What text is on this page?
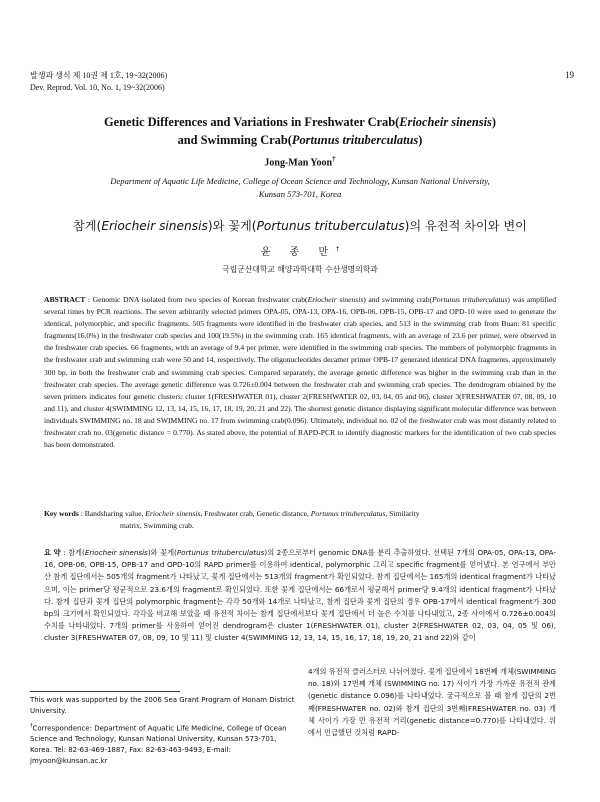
발생과 생식 제 10권 제 1호, 19~32(2006)
Dev. Reprod. Vol. 10, No. 1, 19~32(2006)
19
Genetic Differences and Variations in Freshwater Crab(Eriocheir sinensis)
and Swimming Crab(Portunus trituberculatus)
Jong-Man Yoon†
Department of Aquatic Life Medicine, College of Ocean Science and Technology, Kunsan National University,
Kunsan 573-701, Korea
참게(Eriocheir sinensis)와 꽃게(Portunus trituberculatus)의 유전적 차이와 변이
윤 종 만†
국립군산대학교 해양과학대학 수산생명의학과
ABSTRACT : Genomic DNA isolated from two species of Korean freshwater crab(Eriocheir sinensis) and swimming crab(Portunus trituberculatus) was amplified several times by PCR reactions. The seven arbitrarily selected primers OPA-05, OPA-13, OPA-16, OPB-06, OPB-15, OPB-17 and OPD-10 were used to generate the identical, polymorphic, and specific fragments. 505 fragments were identified in the freshwater crab species, and 513 in the swimming crab from Buan: 81 specific fragments(16.0%) in the freshwater crab species and 100(19.5%) in the swimming crab. 165 identical fragments, with an average of 23.6 per primer, were observed in the freshwater crab species. 66 fragments, with an average of 9.4 per primer, were identified in the swimming crab species. The numbers of polymorphic fragments in the freshwater crab and swimming crab were 50 and 14, respectively. The oligonucleotides decamer primer OPB-17 generated identical DNA fragments, approximately 300 bp, in both the freshwater crab and swimming crab species. Compared separately, the average genetic difference was higher in the swimming crab than in the freshwater crab species. The average genetic difference was 0.726±0.004 between the freshwater crab and swimming crab species. The dendrogram obtained by the seven primers indicates four genetic clusters: cluster 1(FRESHWATER 01), cluster 2(FRESHWATER 02, 03, 04, 05 and 06), cluster 3(FRESHWATER 07, 08, 09, 10 and 11), and cluster 4(SWIMMING 12, 13, 14, 15, 16, 17, 18, 19, 20, 21 and 22). The shortest genetic distance displaying significant molecular difference was between individuals SWIMMING no. 18 and SWIMMING no. 17 from swimming crab(0.096). Ultimately, individual no. 02 of the freshwater crab was most distantly related to freshwater crab no. 03(genetic distance = 0.770). As stated above, the potential of RAPD-PCR to identify diagnostic markers for the identification of two crab species has been demonstrated.
Key words : Bandsharing value, Eriocheir sinensis, Freshwater crab, Genetic distance, Portunus trituberculatus, Similarity
matrix, Swimming crab.
요 약 : 참게(Eriocheir sinensis)와 꽃게(Portunus trituberculatus)의 2종으로부터 genomic DNA를 분리 추출하였다. 선택된 7개의 OPA-05, OPA-13, OPA-16, OPB-06, OPB-15, OPB-17 and OPD-10의 RAPD primer를 이용하여 identical, polymorphic 그리고 specific fragment를 얻어냈다. 본 연구에서 부안산 참게 집단에서는 505개의 fragment가 나타났고, 꽃게 집단에서는 513개의 fragment가 확인되었다. 참게 집단에서는 165개의 identical fragment가 나타났으며, 이는 primer당 평균적으로 23.6개의 fragment로 확인되었다. 또한 꽃게 집단에서는 66개로서 평균해서 primer당 9.4개의 identical fragment가 나타났다. 참게 집단과 꽃게 집단의 polymorphic fragment는 각각 50개와 14개로 나타났고, 참게 집단과 꽃게 집단의 경우 OPB-17에서 identical fragment가 300 bp의 크기에서 확인되었다. 각각을 비교해 보았을 때 유전적 차이는 참게 집단에서보다 꽃게 집단에서 더 높은 수치를 나타내었고, 2종 사이에서 0.726±0.004의 수치를 나타내었다. 7개의 primer를 사용하여 얻어진 dendrogram은 cluster 1(FRESHWATER 01), cluster 2(FRESHWATER 02, 03, 04, 05 및 06), cluster 3(FRESHWATER 07, 08, 09, 10 및 11) 및 cluster 4(SWIMMING 12, 13, 14, 15, 16, 17, 18, 19, 20, 21 and 22)와 같이
4개의 유전적 클러스터로 나뉘어졌다. 꽃게 집단에서 18번째 개체(SWIMMING no. 18)와 17번째 개체 (SWIMMING no. 17) 사이가 가장 가까운 유전적 관계(genetic distance 0.096)를 나타내었다. 궁극적으로 볼 때 참게 집단의 2번째(FRESHWATER no. 02)와 참게 집단의 3번째(FRESHWATER no. 03) 개체 사이가 가장 먼 유전적 거리(genetic distance=0.770)를 나타내었다. 위에서 언급했던 것처럼 RAPD-
This work was supported by the 2006 Sea Grant Program of Honam District University.
†Correspondence: Department of Aquatic Life Medicine, College of Ocean Science and Technology, Kunsan National University, Kunsan 573-701, Korea. Tel: 82-63-469-1887, Fax: 82-63-463-9493, E-mail: jmyoon@kunsan.ac.kr
